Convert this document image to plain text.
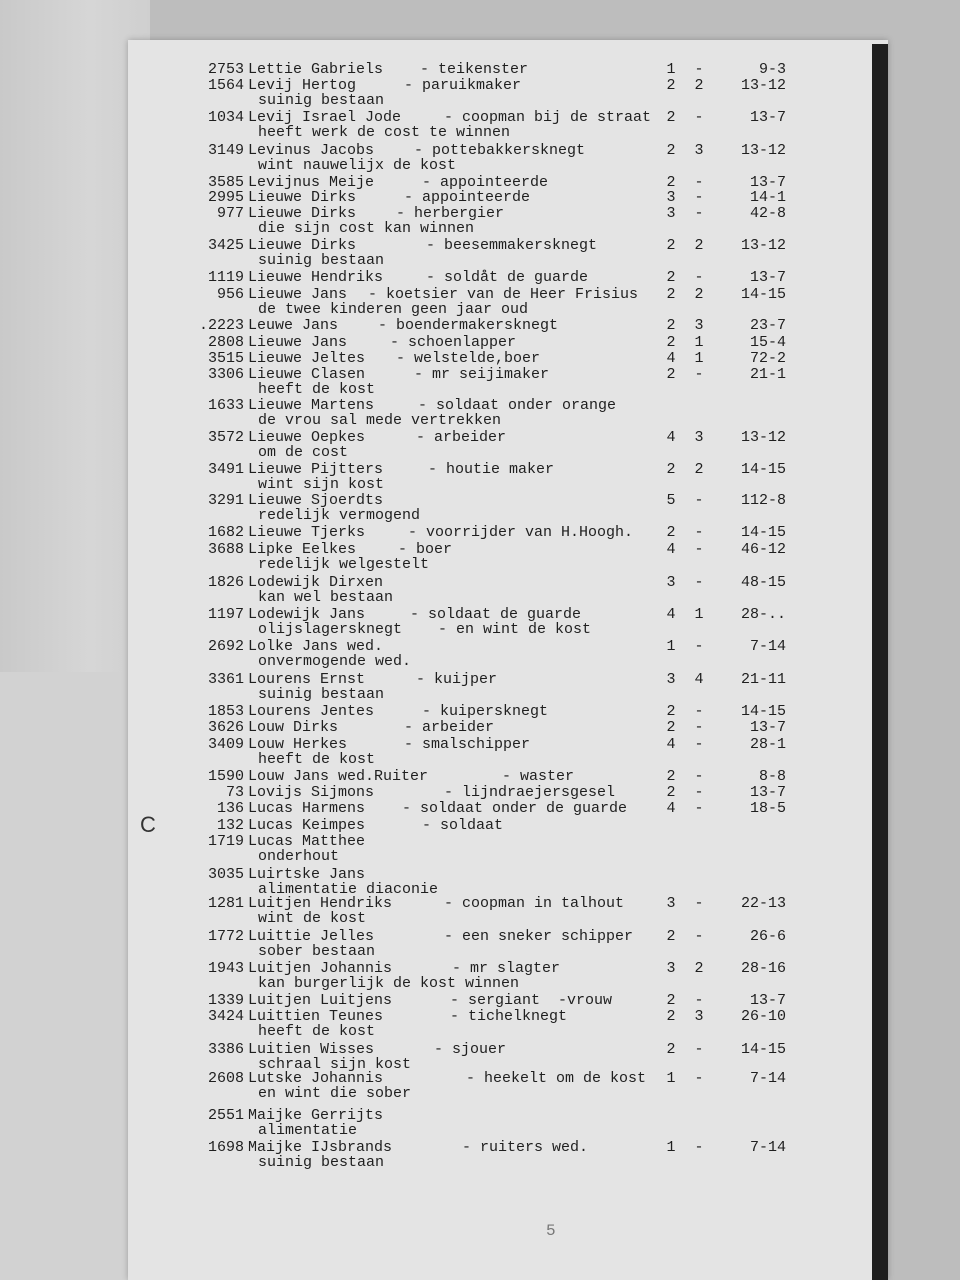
C
2753 Lettie Gabriels - teikenster	1 -	9-3
1564 Levij Hertog	- paruikmaker	2 2	13-12
suinig bestaan
1034 Levij Israel Jode	- coopman bij de straat 2 -	13-7
heeft werk de cost te winnen
3149 Levinus Jacobs	- pottebakkersknegt	2 3	13-12
wint nauwelijx de kost
3585 Levijnus Meije	- appointeerde	2 -	13-7
2995 Lieuwe Dirks	- appointeerde	3 -	14-1
977 Lieuwe Dirks	- herbergier	3 -	42-8
die sijn cost kan winnen
3425 Lieuwe Dirks	- beesemmakersknegt	2 2	13-12
suinig bestaan
1119 Lieuwe Hendriks	- soldåt de guarde	2 -	13-7
956 Lieuwe Jans - koetsier van de Heer Frisius 2 2	14-15
de twee kinderen geen jaar oud
.2223 Leuwe Jans	- boendermakersknegt	2 3	23-7
2808 Lieuwe Jans	- schoenlapper	2 1	15-4
3515 Lieuwe Jeltes - welstelde,boer	4 1	72-2
3306 Lieuwe Clasen	- mr seijimaker	2 -	21-1
heeft de kost
1633 Lieuwe Martens	- soldaat onder orange
de vrou sal mede vertrekken
3572 Lieuwe Oepkes	- arbeider	4 3	13-12
om de cost
3491 Lieuwe Pijtters	- houtie maker	2 2	14-15
wint sijn kost
3291 Lieuwe Sjoerdts	5 -	112-8
redelijk vermogend
1682 Lieuwe Tjerks	- voorrijder van H.Hoogh. 2 -	14-15
3688 Lipke Eelkes	- boer	4 -	46-12
redelijk welgestelt
1826 Lodewijk Dirxen	3 -	48-15
kan wel bestaan
1197 Lodewijk Jans	- soldaat de guarde	4 1	28-..
olijslagersknegt    - en wint de kost
2692 Lolke Jans wed.	1 -	7-14
onvermogende wed.
3361 Lourens Ernst	- kuijper	3 4	21-11
suinig bestaan
1853 Lourens Jentes	- kuipersknegt	2 -	14-15
3626 Louw Dirks	- arbeider	2 -	13-7
3409 Louw Herkes	- smalschipper	4 -	28-1
heeft de kost
1590 Louw Jans wed.Ruiter	- waster	2 -	8-8
73 Lovijs Sijmons	- lijndraejersgesel	2 -	13-7
136 Lucas Harmens - soldaat onder de guarde	4 -	18-5
132 Lucas Keimpes	- soldaat
1719 Lucas Matthee
onderhout
3035 Luirtske Jans
alimentatie diaconie
1281 Luitjen Hendriks	- coopman in talhout	3 -	22-13
wint de kost
1772 Luittie Jelles	- een sneker schipper 2 -	26-6
sober bestaan
1943 Luitjen Johannis	- mr slagter	3 2	28-16
kan burgerlijk de kost winnen
1339 Luitjen Luitjens	- sergiant  -vrouw	2 -	13-7
3424 Luittien Teunes	- tichelknegt	2 3	26-10
heeft de kost
3386 Luitien Wisses	- sjouer	2 -	14-15
schraal sijn kost
2608 Lutske Johannis	- heekelt om de kost 1 -	7-14
en wint die sober
2551 Maijke Gerrijts
alimentatie
1698 Maijke IJsbrands	- ruiters wed.	1 -	7-14
suinig bestaan
5
